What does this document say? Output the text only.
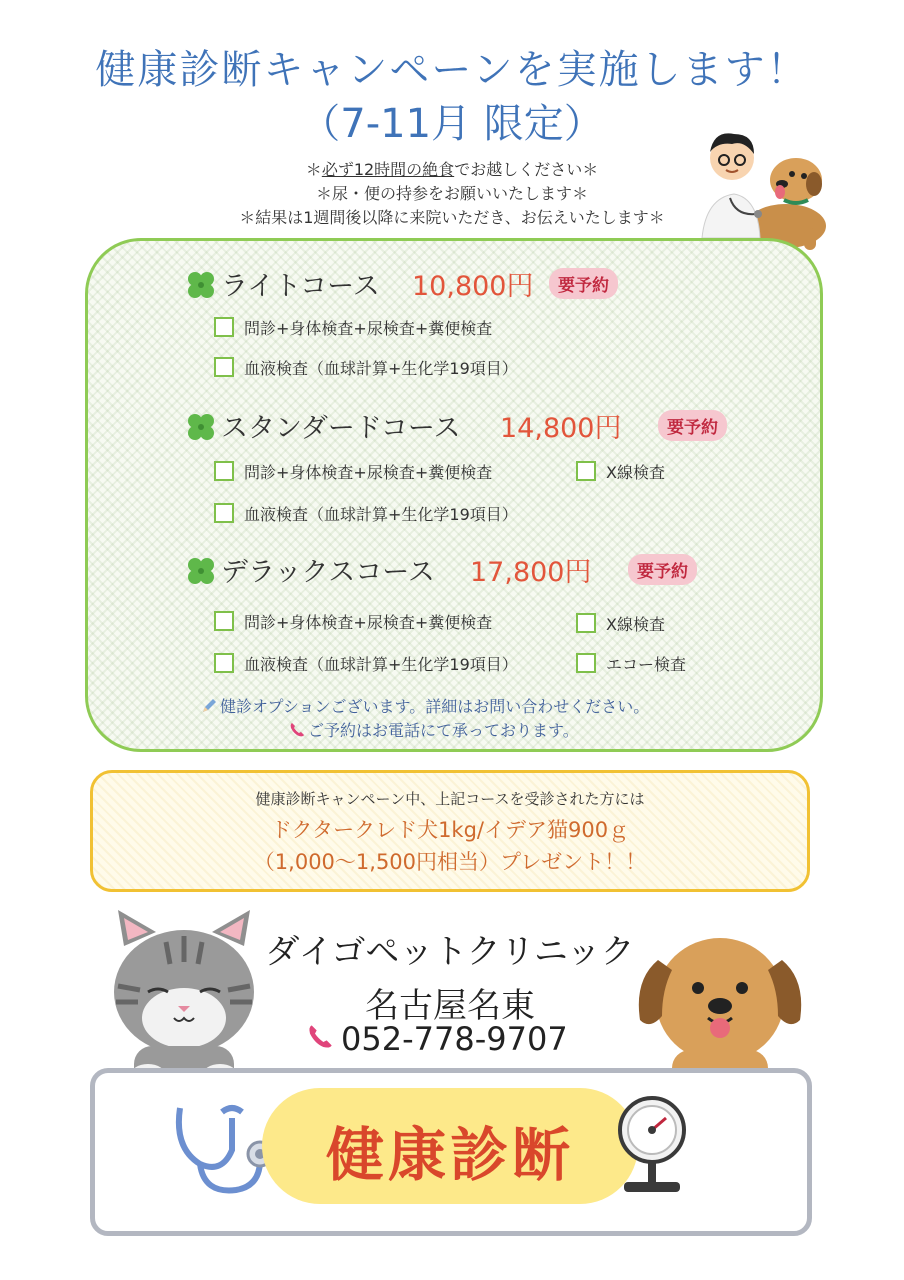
健康診断キャンペーンを実施します！
（7-11月 限定）
＊必ず12時間の絶食でお越しください＊
＊尿・便の持参をお願いいたします＊
＊結果は1週間後以降に来院いただき、お伝えいたします＊
ライトコース 10,800円	要予約
問診+身体検査+尿検査+糞便検査
血液検査（血球計算+生化学19項目）
スタンダードコース 14,800円	要予約
問診+身体検査+尿検査+糞便検査	X線検査
血液検査（血球計算+生化学19項目）
デラックスコース 17,800円	要予約
問診+身体検査+尿検査+糞便検査	X線検査
血液検査（血球計算+生化学19項目）	エコー検査
健診オプションございます。詳細はお問い合わせください。
ご予約はお電話にて承っております。
健康診断キャンペーン中、上記コースを受診された方には
ドクタークレド犬1kg/イデア猫900ｇ
（1,000〜1,500円相当）プレゼント！！
ダイゴペットクリニック
名古屋名東
052-778-9707
健康診断
